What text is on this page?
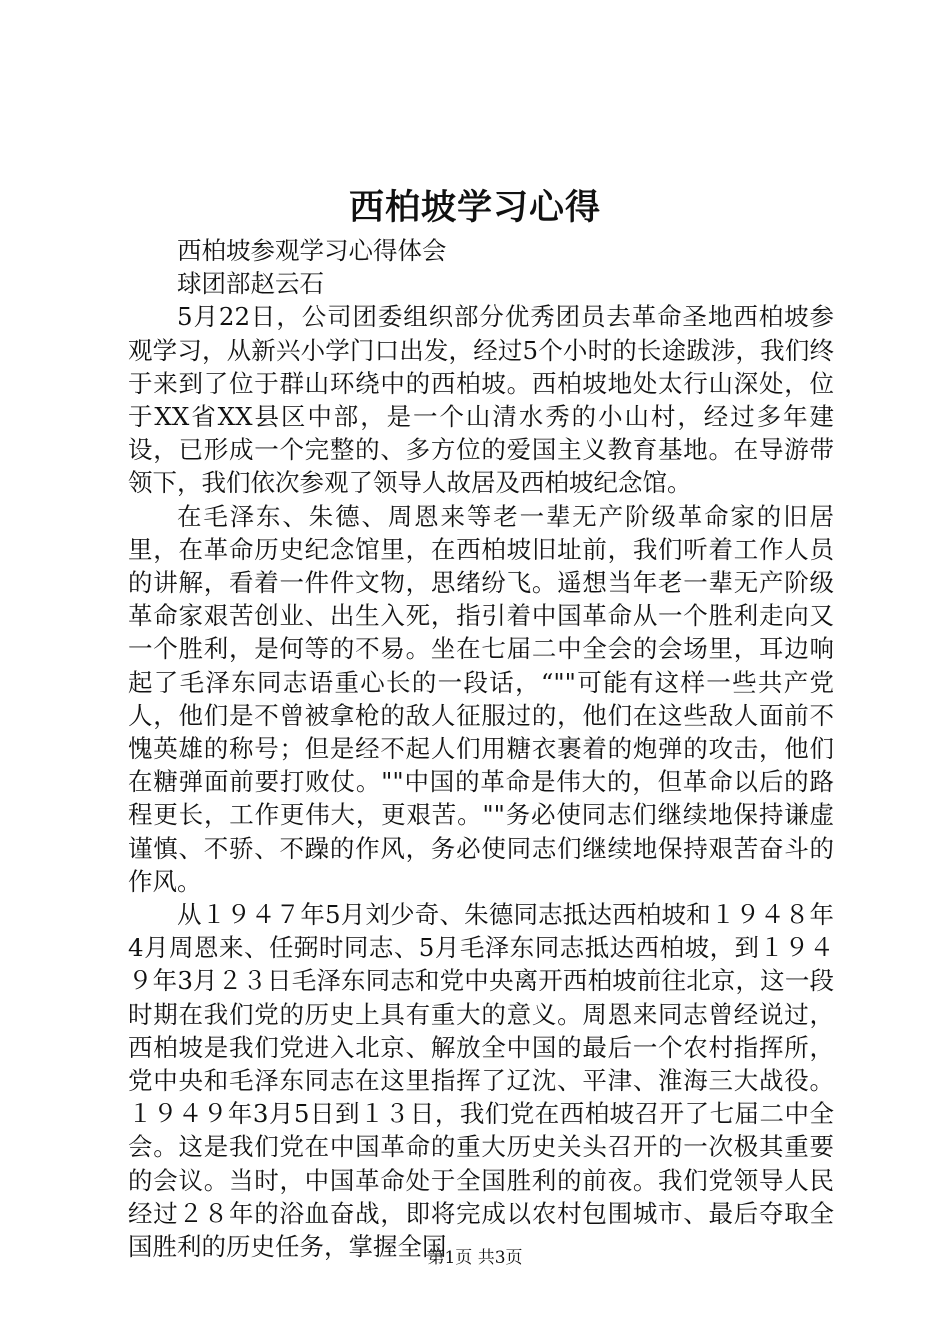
西柏坡学习心得

西柏坡参观学习心得体会

球团部赵云石

5月22日，公司团委组织部分优秀团员去革命圣地西柏坡参观学习，从新兴小学门口出发，经过5个小时的长途跋涉，我们终于来到了位于群山环绕中的西柏坡。西柏坡地处太行山深处，位于XX省XX县区中部，是一个山清水秀的小山村，经过多年建设，已形成一个完整的、多方位的爱国主义教育基地。在导游带领下，我们依次参观了领导人故居及西柏坡纪念馆。

在毛泽东、朱德、周恩来等老一辈无产阶级革命家的旧居里，在革命历史纪念馆里，在西柏坡旧址前，我们听着工作人员的讲解，看着一件件文物，思绪纷飞。遥想当年老一辈无产阶级革命家艰苦创业、出生入死，指引着中国革命从一个胜利走向又一个胜利，是何等的不易。坐在七届二中全会的会场里，耳边响起了毛泽东同志语重心长的一段话，“""可能有这样一些共产党人，他们是不曾被拿枪的敌人征服过的，他们在这些敌人面前不愧英雄的称号；但是经不起人们用糖衣裹着的炮弹的攻击，他们在糖弹面前要打败仗。""中国的革命是伟大的，但革命以后的路程更长，工作更伟大，更艰苦。""务必使同志们继续地保持谦虚谨慎、不骄、不躁的作风，务必使同志们继续地保持艰苦奋斗的作风。

从１９４７年5月刘少奇、朱德同志抵达西柏坡和１９４８年4月周恩来、任弼时同志、5月毛泽东同志抵达西柏坡，到１９４９年3月２３日毛泽东同志和党中央离开西柏坡前往北京，这一段时期在我们党的历史上具有重大的意义。周恩来同志曾经说过，西柏坡是我们党进入北京、解放全中国的最后一个农村指挥所，党中央和毛泽东同志在这里指挥了辽沈、平津、淮海三大战役。１９４９年3月5日到１３日，我们党在西柏坡召开了七届二中全会。这是我们党在中国革命的重大历史关头召开的一次极其重要的会议。当时，中国革命处于全国胜利的前夜。我们党领导人民经过２８年的浴血奋战，即将完成以农村包围城市、最后夺取全国胜利的历史任务，掌握全国

第1页 共3页
